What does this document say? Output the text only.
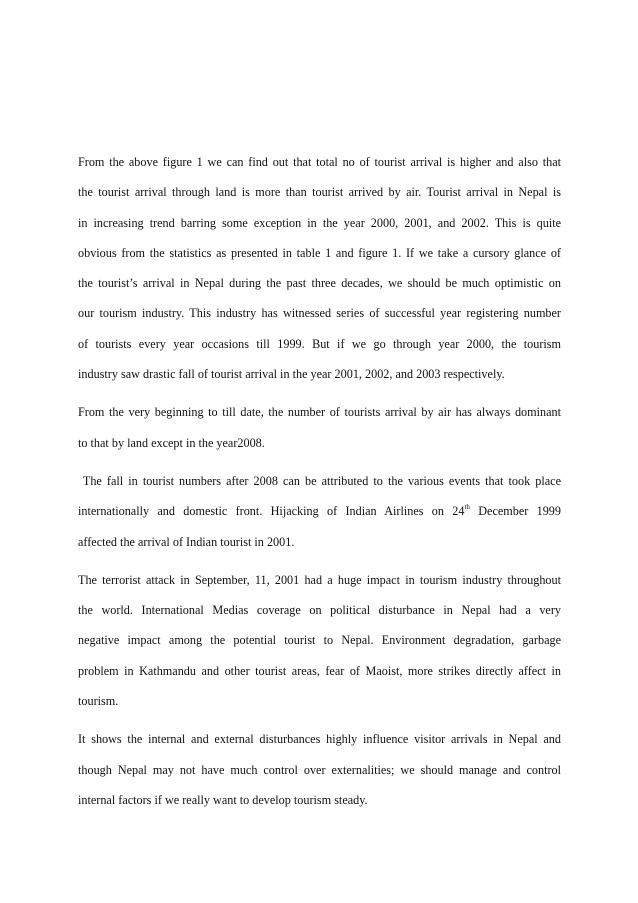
From the above figure 1 we can find out that total no of tourist arrival is higher and also that
the tourist arrival through land is more than tourist arrived by air. Tourist arrival in Nepal is
in increasing trend barring some exception in the year 2000, 2001, and 2002. This is quite
obvious from the statistics as presented in table 1 and figure 1. If we take a cursory glance of
the tourist’s arrival in Nepal during the past three decades, we should be much optimistic on
our tourism industry. This industry has witnessed series of successful year registering number
of tourists every year occasions till 1999. But if we go through year 2000, the tourism
industry saw drastic fall of tourist arrival in the year 2001, 2002, and 2003 respectively.

From the very beginning to till date, the number of tourists arrival by air has always dominant
to that by land except in the year2008.

The fall in tourist numbers after 2008 can be attributed to the various events that took place
internationally and domestic front. Hijacking of Indian Airlines on 24th December 1999
affected the arrival of Indian tourist in 2001.

The terrorist attack in September, 11, 2001 had a huge impact in tourism industry throughout
the world. International Medias coverage on political disturbance in Nepal had a very
negative impact among the potential tourist to Nepal. Environment degradation, garbage
problem in Kathmandu and other tourist areas, fear of Maoist, more strikes directly affect in
tourism.

It shows the internal and external disturbances highly influence visitor arrivals in Nepal and
though Nepal may not have much control over externalities; we should manage and control
internal factors if we really want to develop tourism steady.
